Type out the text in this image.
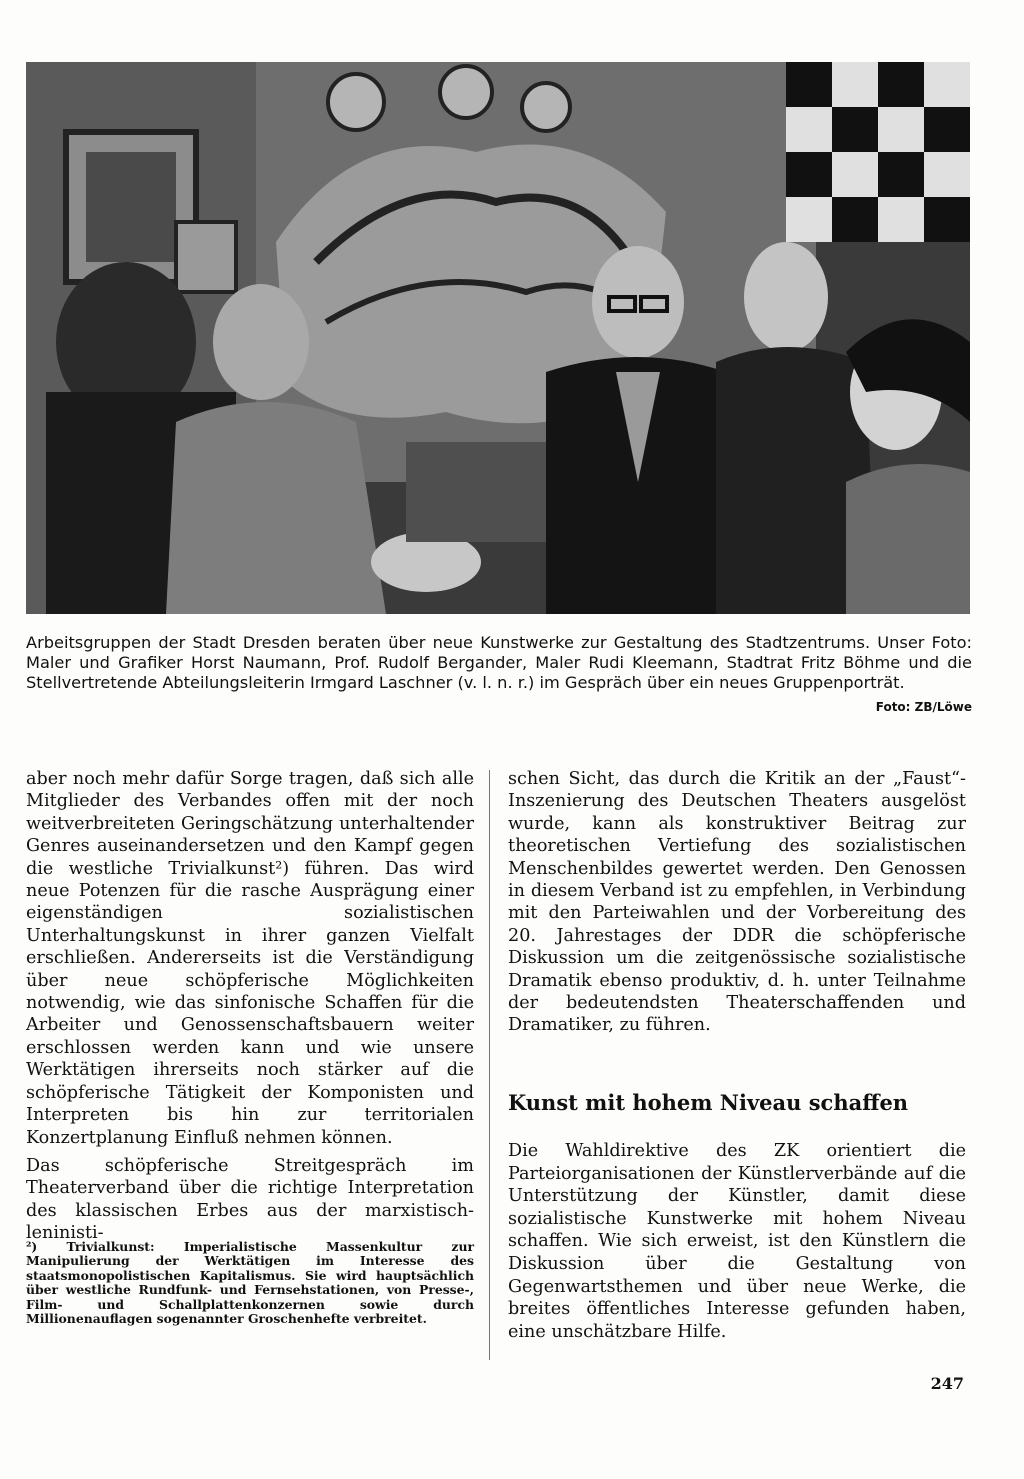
Arbeitsgruppen der Stadt Dresden beraten über neue Kunstwerke zur Gestaltung des Stadtzentrums. Unser Foto: Maler und Grafiker Horst Naumann, Prof. Rudolf Bergander, Maler Rudi Kleemann, Stadtrat Fritz Böhme und die Stellvertretende Abteilungsleiterin Irmgard Laschner (v. l. n. r.) im Gespräch über ein neues Gruppenporträt.
Foto: ZB/Löwe

aber noch mehr dafür Sorge tragen, daß sich alle Mitglieder des Verbandes offen mit der noch weitverbreiteten Geringschätzung unterhaltender Genres auseinandersetzen und den Kampf gegen die westliche Trivialkunst²) führen. Das wird neue Potenzen für die rasche Ausprägung einer eigenständigen sozialistischen Unterhaltungskunst in ihrer ganzen Vielfalt erschließen. Andererseits ist die Verständigung über neue schöpferische Möglichkeiten notwendig, wie das sinfonische Schaffen für die Arbeiter und Genossenschaftsbauern weiter erschlossen werden kann und wie unsere Werktätigen ihrerseits noch stärker auf die schöpferische Tätigkeit der Komponisten und Interpreten bis hin zur territorialen Konzertplanung Einfluß nehmen können.

Das schöpferische Streitgespräch im Theaterverband über die richtige Interpretation des klassischen Erbes aus der marxistisch-leninisti-

²) Trivialkunst: Imperialistische Massenkultur zur Manipulierung der Werktätigen im Interesse des staatsmonopolistischen Kapitalismus. Sie wird hauptsächlich über westliche Rundfunk- und Fernsehstationen, von Presse-, Film- und Schallplattenkonzernen sowie durch Millionenauflagen sogenannter Groschenhefte verbreitet.

schen Sicht, das durch die Kritik an der „Faust“-Inszenierung des Deutschen Theaters ausgelöst wurde, kann als konstruktiver Beitrag zur theoretischen Vertiefung des sozialistischen Menschenbildes gewertet werden. Den Genossen in diesem Verband ist zu empfehlen, in Verbindung mit den Parteiwahlen und der Vorbereitung des 20. Jahrestages der DDR die schöpferische Diskussion um die zeitgenössische sozialistische Dramatik ebenso produktiv, d. h. unter Teilnahme der bedeutendsten Theaterschaffenden und Dramatiker, zu führen.

Kunst mit hohem Niveau schaffen
Die Wahldirektive des ZK orientiert die Parteiorganisationen der Künstlerverbände auf die Unterstützung der Künstler, damit diese sozialistische Kunstwerke mit hohem Niveau schaffen. Wie sich erweist, ist den Künstlern die Diskussion über die Gestaltung von Gegenwartsthemen und über neue Werke, die breites öffentliches Interesse gefunden haben, eine unschätzbare Hilfe.
247
